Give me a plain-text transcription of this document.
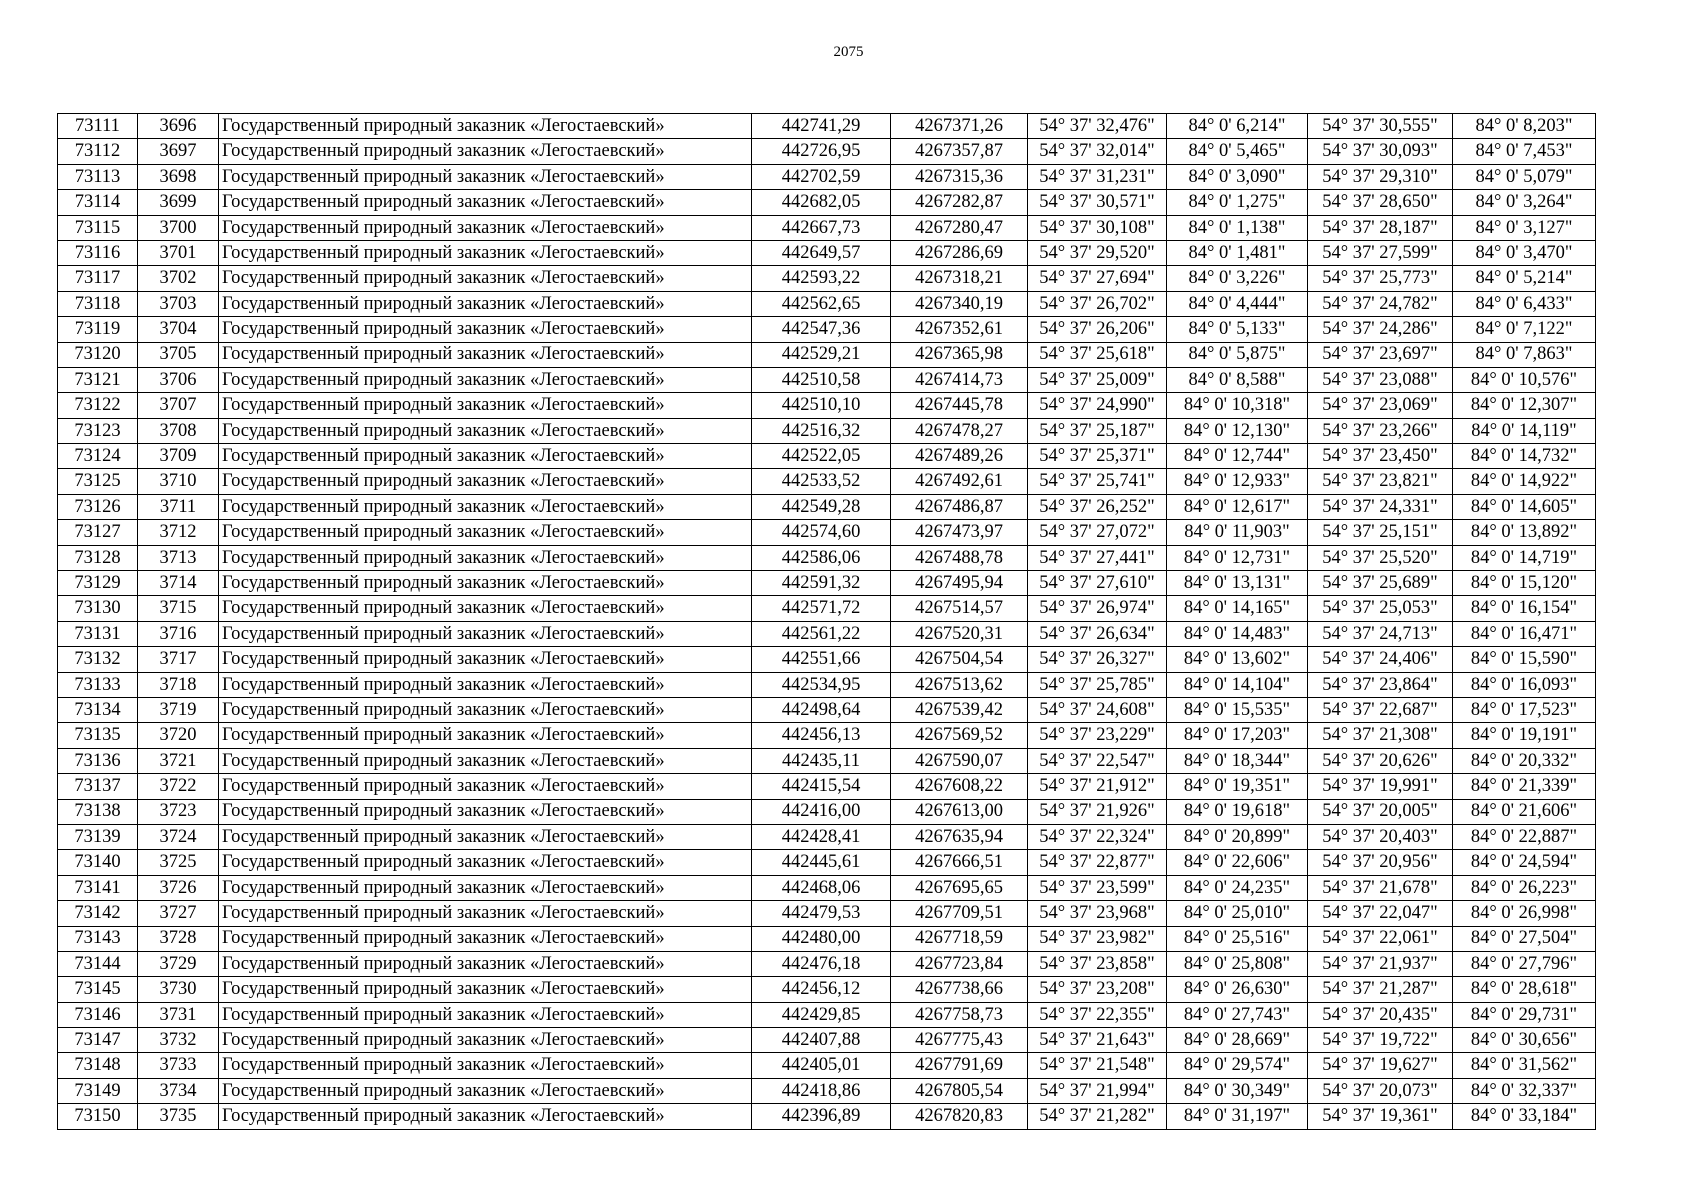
2075
73111	3696	Государственный природный заказник «Легостаевский»	442741,29	4267371,26	54° 37' 32,476"	84° 0' 6,214"	54° 37' 30,555"	84° 0' 8,203"
73112	3697	Государственный природный заказник «Легостаевский»	442726,95	4267357,87	54° 37' 32,014"	84° 0' 5,465"	54° 37' 30,093"	84° 0' 7,453"
73113	3698	Государственный природный заказник «Легостаевский»	442702,59	4267315,36	54° 37' 31,231"	84° 0' 3,090"	54° 37' 29,310"	84° 0' 5,079"
73114	3699	Государственный природный заказник «Легостаевский»	442682,05	4267282,87	54° 37' 30,571"	84° 0' 1,275"	54° 37' 28,650"	84° 0' 3,264"
73115	3700	Государственный природный заказник «Легостаевский»	442667,73	4267280,47	54° 37' 30,108"	84° 0' 1,138"	54° 37' 28,187"	84° 0' 3,127"
73116	3701	Государственный природный заказник «Легостаевский»	442649,57	4267286,69	54° 37' 29,520"	84° 0' 1,481"	54° 37' 27,599"	84° 0' 3,470"
73117	3702	Государственный природный заказник «Легостаевский»	442593,22	4267318,21	54° 37' 27,694"	84° 0' 3,226"	54° 37' 25,773"	84° 0' 5,214"
73118	3703	Государственный природный заказник «Легостаевский»	442562,65	4267340,19	54° 37' 26,702"	84° 0' 4,444"	54° 37' 24,782"	84° 0' 6,433"
73119	3704	Государственный природный заказник «Легостаевский»	442547,36	4267352,61	54° 37' 26,206"	84° 0' 5,133"	54° 37' 24,286"	84° 0' 7,122"
73120	3705	Государственный природный заказник «Легостаевский»	442529,21	4267365,98	54° 37' 25,618"	84° 0' 5,875"	54° 37' 23,697"	84° 0' 7,863"
73121	3706	Государственный природный заказник «Легостаевский»	442510,58	4267414,73	54° 37' 25,009"	84° 0' 8,588"	54° 37' 23,088"	84° 0' 10,576"
73122	3707	Государственный природный заказник «Легостаевский»	442510,10	4267445,78	54° 37' 24,990"	84° 0' 10,318"	54° 37' 23,069"	84° 0' 12,307"
73123	3708	Государственный природный заказник «Легостаевский»	442516,32	4267478,27	54° 37' 25,187"	84° 0' 12,130"	54° 37' 23,266"	84° 0' 14,119"
73124	3709	Государственный природный заказник «Легостаевский»	442522,05	4267489,26	54° 37' 25,371"	84° 0' 12,744"	54° 37' 23,450"	84° 0' 14,732"
73125	3710	Государственный природный заказник «Легостаевский»	442533,52	4267492,61	54° 37' 25,741"	84° 0' 12,933"	54° 37' 23,821"	84° 0' 14,922"
73126	3711	Государственный природный заказник «Легостаевский»	442549,28	4267486,87	54° 37' 26,252"	84° 0' 12,617"	54° 37' 24,331"	84° 0' 14,605"
73127	3712	Государственный природный заказник «Легостаевский»	442574,60	4267473,97	54° 37' 27,072"	84° 0' 11,903"	54° 37' 25,151"	84° 0' 13,892"
73128	3713	Государственный природный заказник «Легостаевский»	442586,06	4267488,78	54° 37' 27,441"	84° 0' 12,731"	54° 37' 25,520"	84° 0' 14,719"
73129	3714	Государственный природный заказник «Легостаевский»	442591,32	4267495,94	54° 37' 27,610"	84° 0' 13,131"	54° 37' 25,689"	84° 0' 15,120"
73130	3715	Государственный природный заказник «Легостаевский»	442571,72	4267514,57	54° 37' 26,974"	84° 0' 14,165"	54° 37' 25,053"	84° 0' 16,154"
73131	3716	Государственный природный заказник «Легостаевский»	442561,22	4267520,31	54° 37' 26,634"	84° 0' 14,483"	54° 37' 24,713"	84° 0' 16,471"
73132	3717	Государственный природный заказник «Легостаевский»	442551,66	4267504,54	54° 37' 26,327"	84° 0' 13,602"	54° 37' 24,406"	84° 0' 15,590"
73133	3718	Государственный природный заказник «Легостаевский»	442534,95	4267513,62	54° 37' 25,785"	84° 0' 14,104"	54° 37' 23,864"	84° 0' 16,093"
73134	3719	Государственный природный заказник «Легостаевский»	442498,64	4267539,42	54° 37' 24,608"	84° 0' 15,535"	54° 37' 22,687"	84° 0' 17,523"
73135	3720	Государственный природный заказник «Легостаевский»	442456,13	4267569,52	54° 37' 23,229"	84° 0' 17,203"	54° 37' 21,308"	84° 0' 19,191"
73136	3721	Государственный природный заказник «Легостаевский»	442435,11	4267590,07	54° 37' 22,547"	84° 0' 18,344"	54° 37' 20,626"	84° 0' 20,332"
73137	3722	Государственный природный заказник «Легостаевский»	442415,54	4267608,22	54° 37' 21,912"	84° 0' 19,351"	54° 37' 19,991"	84° 0' 21,339"
73138	3723	Государственный природный заказник «Легостаевский»	442416,00	4267613,00	54° 37' 21,926"	84° 0' 19,618"	54° 37' 20,005"	84° 0' 21,606"
73139	3724	Государственный природный заказник «Легостаевский»	442428,41	4267635,94	54° 37' 22,324"	84° 0' 20,899"	54° 37' 20,403"	84° 0' 22,887"
73140	3725	Государственный природный заказник «Легостаевский»	442445,61	4267666,51	54° 37' 22,877"	84° 0' 22,606"	54° 37' 20,956"	84° 0' 24,594"
73141	3726	Государственный природный заказник «Легостаевский»	442468,06	4267695,65	54° 37' 23,599"	84° 0' 24,235"	54° 37' 21,678"	84° 0' 26,223"
73142	3727	Государственный природный заказник «Легостаевский»	442479,53	4267709,51	54° 37' 23,968"	84° 0' 25,010"	54° 37' 22,047"	84° 0' 26,998"
73143	3728	Государственный природный заказник «Легостаевский»	442480,00	4267718,59	54° 37' 23,982"	84° 0' 25,516"	54° 37' 22,061"	84° 0' 27,504"
73144	3729	Государственный природный заказник «Легостаевский»	442476,18	4267723,84	54° 37' 23,858"	84° 0' 25,808"	54° 37' 21,937"	84° 0' 27,796"
73145	3730	Государственный природный заказник «Легостаевский»	442456,12	4267738,66	54° 37' 23,208"	84° 0' 26,630"	54° 37' 21,287"	84° 0' 28,618"
73146	3731	Государственный природный заказник «Легостаевский»	442429,85	4267758,73	54° 37' 22,355"	84° 0' 27,743"	54° 37' 20,435"	84° 0' 29,731"
73147	3732	Государственный природный заказник «Легостаевский»	442407,88	4267775,43	54° 37' 21,643"	84° 0' 28,669"	54° 37' 19,722"	84° 0' 30,656"
73148	3733	Государственный природный заказник «Легостаевский»	442405,01	4267791,69	54° 37' 21,548"	84° 0' 29,574"	54° 37' 19,627"	84° 0' 31,562"
73149	3734	Государственный природный заказник «Легостаевский»	442418,86	4267805,54	54° 37' 21,994"	84° 0' 30,349"	54° 37' 20,073"	84° 0' 32,337"
73150	3735	Государственный природный заказник «Легостаевский»	442396,89	4267820,83	54° 37' 21,282"	84° 0' 31,197"	54° 37' 19,361"	84° 0' 33,184"
